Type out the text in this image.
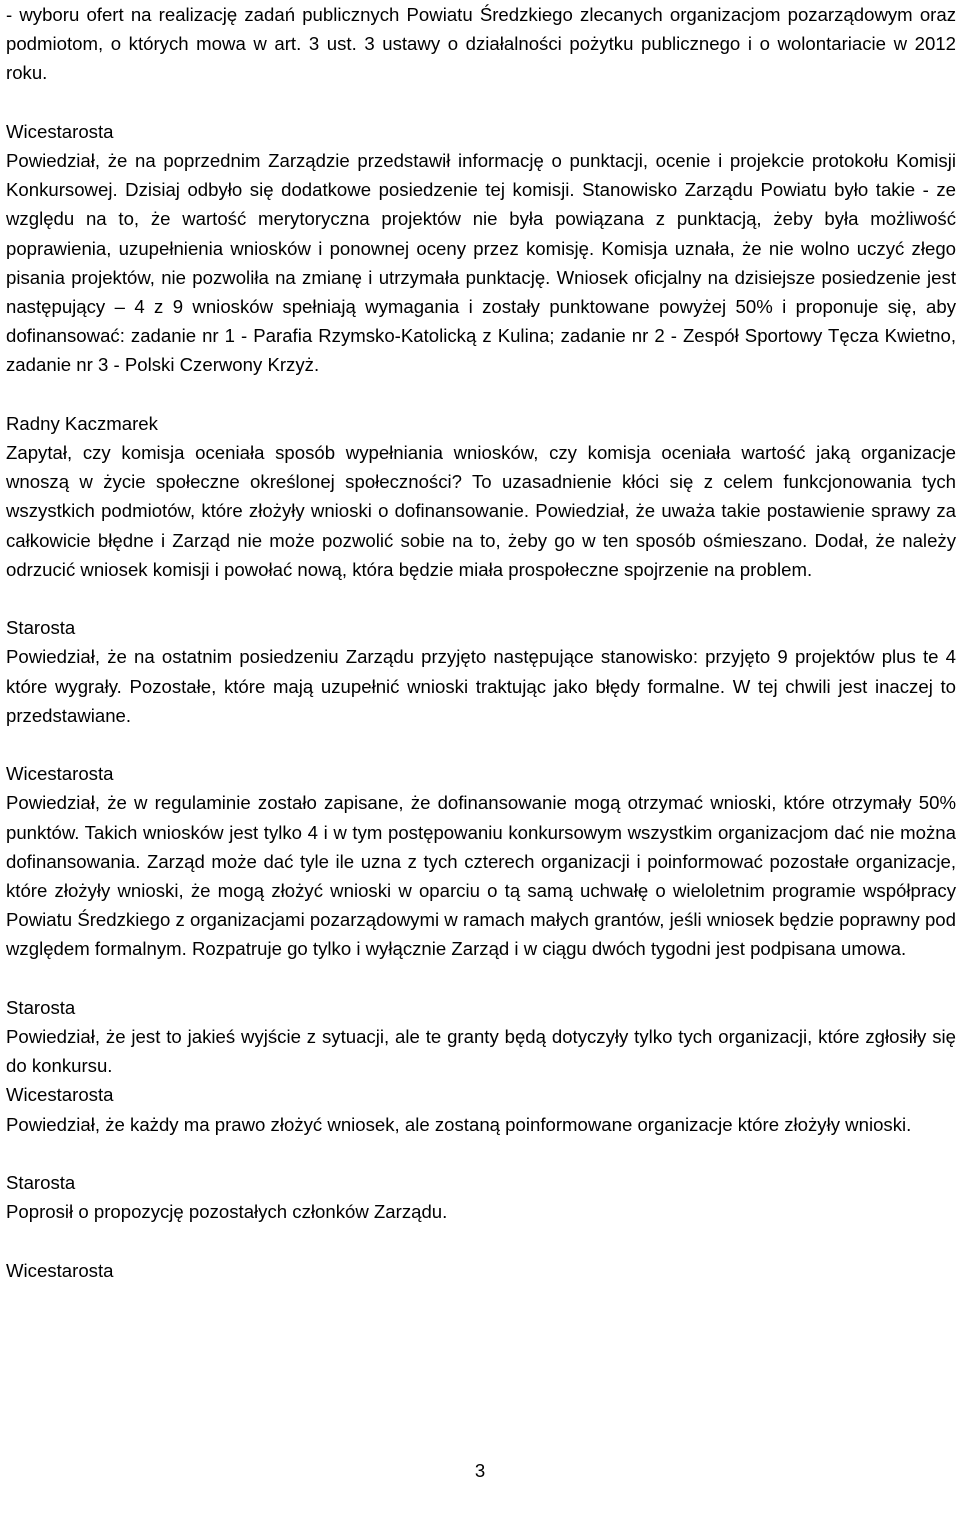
- wyboru ofert na realizację zadań publicznych Powiatu Średzkiego zlecanych organizacjom pozarządowym oraz podmiotom, o których mowa w art. 3 ust. 3 ustawy o działalności pożytku publicznego i o wolontariacie w 2012 roku.

Wicestarosta

Powiedział, że na poprzednim Zarządzie przedstawił informację o punktacji, ocenie i projekcie protokołu Komisji Konkursowej. Dzisiaj odbyło się dodatkowe posiedzenie tej komisji. Stanowisko Zarządu Powiatu było takie - ze względu na to, że wartość merytoryczna projektów nie była powiązana z punktacją, żeby była możliwość poprawienia, uzupełnienia wniosków i ponownej oceny przez komisję. Komisja uznała, że nie wolno uczyć złego pisania projektów, nie pozwoliła na zmianę i utrzymała punktację. Wniosek oficjalny na dzisiejsze posiedzenie jest następujący – 4 z 9 wniosków spełniają wymagania i zostały punktowane powyżej 50% i proponuje się, aby dofinansować: zadanie nr 1 - Parafia Rzymsko-Katolicką z Kulina; zadanie nr 2 - Zespół Sportowy Tęcza Kwietno, zadanie nr 3 - Polski Czerwony Krzyż.

Radny Kaczmarek

Zapytał, czy komisja oceniała sposób wypełniania wniosków, czy komisja oceniała wartość jaką organizacje wnoszą w życie społeczne określonej społeczności? To uzasadnienie kłóci się z celem funkcjonowania tych wszystkich podmiotów, które złożyły wnioski o dofinansowanie. Powiedział, że uważa takie postawienie sprawy za całkowicie błędne i Zarząd nie może pozwolić sobie na to, żeby go w ten sposób ośmieszano. Dodał, że należy odrzucić wniosek komisji i powołać nową, która będzie miała prospołeczne spojrzenie na problem.

Starosta

Powiedział, że na ostatnim posiedzeniu Zarządu przyjęto następujące stanowisko: przyjęto 9 projektów plus te 4 które wygrały. Pozostałe, które mają uzupełnić wnioski traktując jako błędy formalne. W tej chwili jest inaczej to przedstawiane.

Wicestarosta

Powiedział, że w regulaminie zostało zapisane, że dofinansowanie mogą otrzymać wnioski, które otrzymały 50% punktów. Takich wniosków jest tylko 4 i w tym postępowaniu konkursowym wszystkim organizacjom dać nie można dofinansowania. Zarząd może dać tyle ile uzna z tych czterech organizacji i poinformować pozostałe organizacje, które złożyły wnioski, że mogą złożyć wnioski w oparciu o tą samą uchwałę o wieloletnim programie współpracy Powiatu Średzkiego z organizacjami pozarządowymi w ramach małych grantów, jeśli wniosek będzie poprawny pod względem formalnym. Rozpatruje go tylko i wyłącznie Zarząd i w ciągu dwóch tygodni jest podpisana umowa.

Starosta

Powiedział, że jest to jakieś wyjście z sytuacji, ale te granty będą dotyczyły tylko tych organizacji, które zgłosiły się do konkursu.

Wicestarosta

Powiedział, że każdy ma prawo złożyć wniosek, ale zostaną poinformowane organizacje które złożyły wnioski.

Starosta

Poprosił o propozycję pozostałych członków Zarządu.

Wicestarosta

3
